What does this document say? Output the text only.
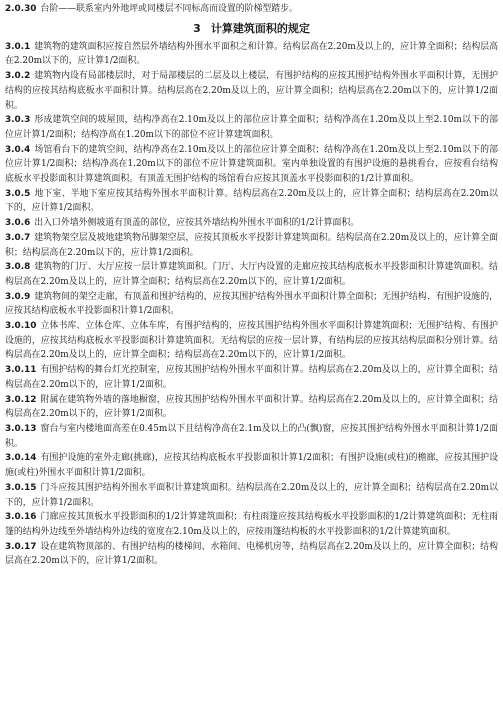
2.0.30 台阶——联系室内外地坪或同楼层不同标高而设置的阶梯型踏步。

3 计算建筑面积的规定

3.0.1 建筑物的建筑面积应按自然层外墙结构外围水平面积之和计算。结构层高在2.20m及以上的，应计算全面积；结构层高在2.20m以下的，应计算1/2面积。

3.0.2 建筑物内设有局部楼层时，对于局部楼层的二层及以上楼层，有围护结构的应按其围护结构外围水平面积计算，无围护结构的应按其结构底板水平面积计算。结构层高在2.20m及以上的，应计算全面积；结构层高在2.20m以下的，应计算1/2面积。

3.0.3 形成建筑空间的坡屋顶，结构净高在2.10m及以上的部位应计算全面积；结构净高在1.20m及以上至2.10m以下的部位应计算1/2面积；结构净高在1.20m以下的部位不应计算建筑面积。

3.0.4 场馆看台下的建筑空间，结构净高在2.10m及以上的部位应计算全面积；结构净高在1.20m及以上至2.10m以下的部位应计算1/2面积；结构净高在1.20m以下的部位不应计算建筑面积。室内单独设置的有围护设施的悬挑看台，应按看台结构底板水平投影面积计算建筑面积。有顶盖无围护结构的场馆看台应按其顶盖水平投影面积的1/2计算面积。

3.0.5 地下室、半地下室应按其结构外围水平面积计算。结构层高在2.20m及以上的，应计算全面积；结构层高在2.20m以下的，应计算1/2面积。

3.0.6 出入口外墙外侧坡道有顶盖的部位，应按其外墙结构外围水平面积的1/2计算面积。

3.0.7 建筑物架空层及坡地建筑物吊脚架空层，应按其顶板水平投影计算建筑面积。结构层高在2.20m及以上的，应计算全面积；结构层高在2.20m以下的，应计算1/2面积。

3.0.8 建筑物的门厅、大厅应按一层计算建筑面积。门厅、大厅内设置的走廊应按其结构底板水平投影面积计算建筑面积。结构层高在2.20m及以上的，应计算全面积；结构层高在2.20m以下的，应计算1/2面积。

3.0.9 建筑物间的架空走廊，有顶盖和围护结构的，应按其围护结构外围水平面积计算全面积；无围护结构、有围护设施的，应按其结构底板水平投影面积计算1/2面积。

3.0.10 立体书库、立体仓库、立体车库，有围护结构的，应按其围护结构外围水平面积计算建筑面积；无围护结构、有围护设施的，应按其结构底板水平投影面积计算建筑面积。无结构层的应按一层计算，有结构层的应按其结构层面积分别计算。结构层高在2.20m及以上的，应计算全面积；结构层高在2.20m以下的，应计算1/2面积。

3.0.11 有围护结构的舞台灯光控制室，应按其围护结构外围水平面积计算。结构层高在2.20m及以上的，应计算全面积；结构层高在2.20m以下的，应计算1/2面积。

3.0.12 附属在建筑物外墙的落地橱窗，应按其围护结构外围水平面积计算。结构层高在2.20m及以上的，应计算全面积；结构层高在2.20m以下的，应计算1/2面积。

3.0.13 窗台与室内楼地面高差在0.45m以下且结构净高在2.1m及以上的凸(飘)窗，应按其围护结构外围水平面积计算1/2面积。

3.0.14 有围护设施的室外走廊(挑廊)，应按其结构底板水平投影面积计算1/2面积；有围护设施(或柱)的檐廊，应按其围护设施(或柱)外围水平面积计算1/2面积。

3.0.15 门斗应按其围护结构外围水平面积计算建筑面积。结构层高在2.20m及以上的，应计算全面积；结构层高在2.20m以下的，应计算1/2面积。

3.0.16 门廊应按其顶板水平投影面积的1/2计算建筑面积；有柱雨篷应按其结构板水平投影面积的1/2计算建筑面积；无柱雨篷的结构外边线至外墙结构外边线的宽度在2.10m及以上的，应按雨篷结构板的水平投影面积的1/2计算建筑面积。

3.0.17 设在建筑物顶部的、有围护结构的楼梯间、水箱间、电梯机房等，结构层高在2.20m及以上的，应计算全面积；结构层高在2.20m以下的，应计算1/2面积。
